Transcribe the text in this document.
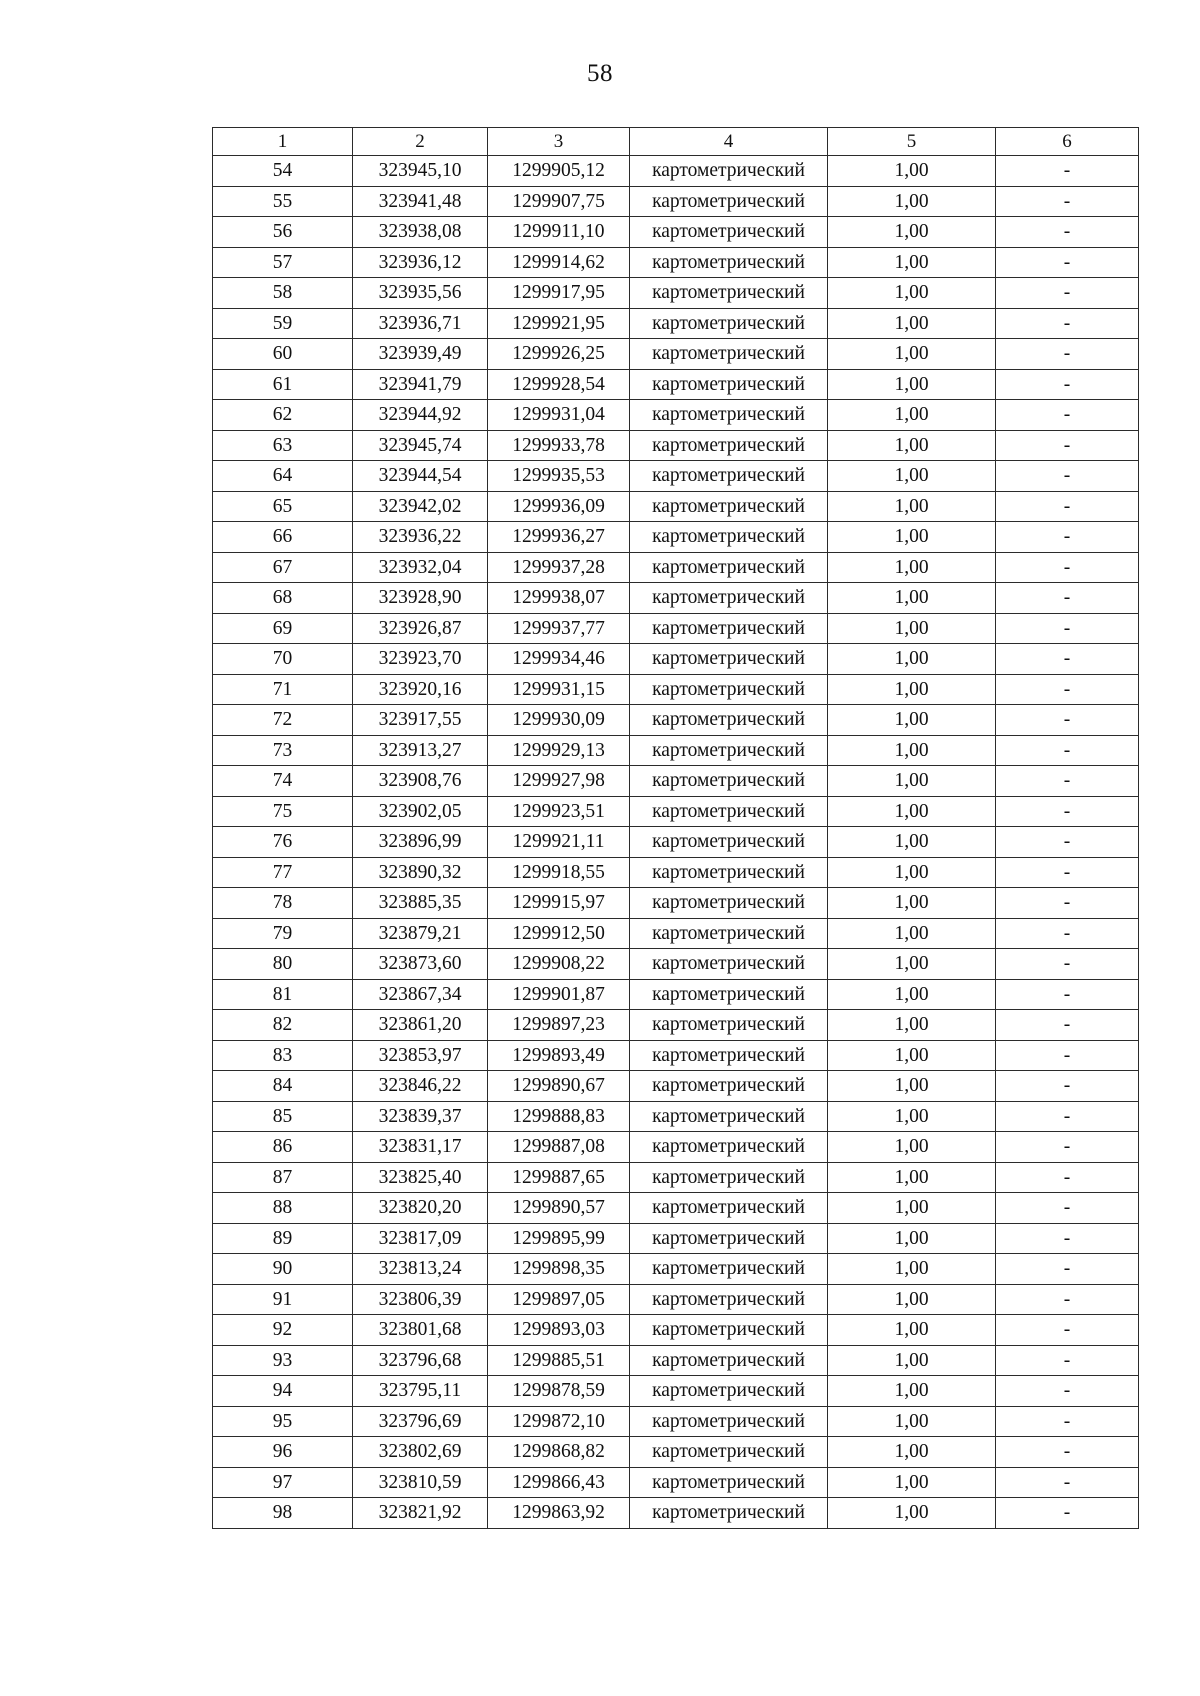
58
1	2	3	4	5	6
54	323945,10	1299905,12	картометрический	1,00	-
55	323941,48	1299907,75	картометрический	1,00	-
56	323938,08	1299911,10	картометрический	1,00	-
57	323936,12	1299914,62	картометрический	1,00	-
58	323935,56	1299917,95	картометрический	1,00	-
59	323936,71	1299921,95	картометрический	1,00	-
60	323939,49	1299926,25	картометрический	1,00	-
61	323941,79	1299928,54	картометрический	1,00	-
62	323944,92	1299931,04	картометрический	1,00	-
63	323945,74	1299933,78	картометрический	1,00	-
64	323944,54	1299935,53	картометрический	1,00	-
65	323942,02	1299936,09	картометрический	1,00	-
66	323936,22	1299936,27	картометрический	1,00	-
67	323932,04	1299937,28	картометрический	1,00	-
68	323928,90	1299938,07	картометрический	1,00	-
69	323926,87	1299937,77	картометрический	1,00	-
70	323923,70	1299934,46	картометрический	1,00	-
71	323920,16	1299931,15	картометрический	1,00	-
72	323917,55	1299930,09	картометрический	1,00	-
73	323913,27	1299929,13	картометрический	1,00	-
74	323908,76	1299927,98	картометрический	1,00	-
75	323902,05	1299923,51	картометрический	1,00	-
76	323896,99	1299921,11	картометрический	1,00	-
77	323890,32	1299918,55	картометрический	1,00	-
78	323885,35	1299915,97	картометрический	1,00	-
79	323879,21	1299912,50	картометрический	1,00	-
80	323873,60	1299908,22	картометрический	1,00	-
81	323867,34	1299901,87	картометрический	1,00	-
82	323861,20	1299897,23	картометрический	1,00	-
83	323853,97	1299893,49	картометрический	1,00	-
84	323846,22	1299890,67	картометрический	1,00	-
85	323839,37	1299888,83	картометрический	1,00	-
86	323831,17	1299887,08	картометрический	1,00	-
87	323825,40	1299887,65	картометрический	1,00	-
88	323820,20	1299890,57	картометрический	1,00	-
89	323817,09	1299895,99	картометрический	1,00	-
90	323813,24	1299898,35	картометрический	1,00	-
91	323806,39	1299897,05	картометрический	1,00	-
92	323801,68	1299893,03	картометрический	1,00	-
93	323796,68	1299885,51	картометрический	1,00	-
94	323795,11	1299878,59	картометрический	1,00	-
95	323796,69	1299872,10	картометрический	1,00	-
96	323802,69	1299868,82	картометрический	1,00	-
97	323810,59	1299866,43	картометрический	1,00	-
98	323821,92	1299863,92	картометрический	1,00	-
